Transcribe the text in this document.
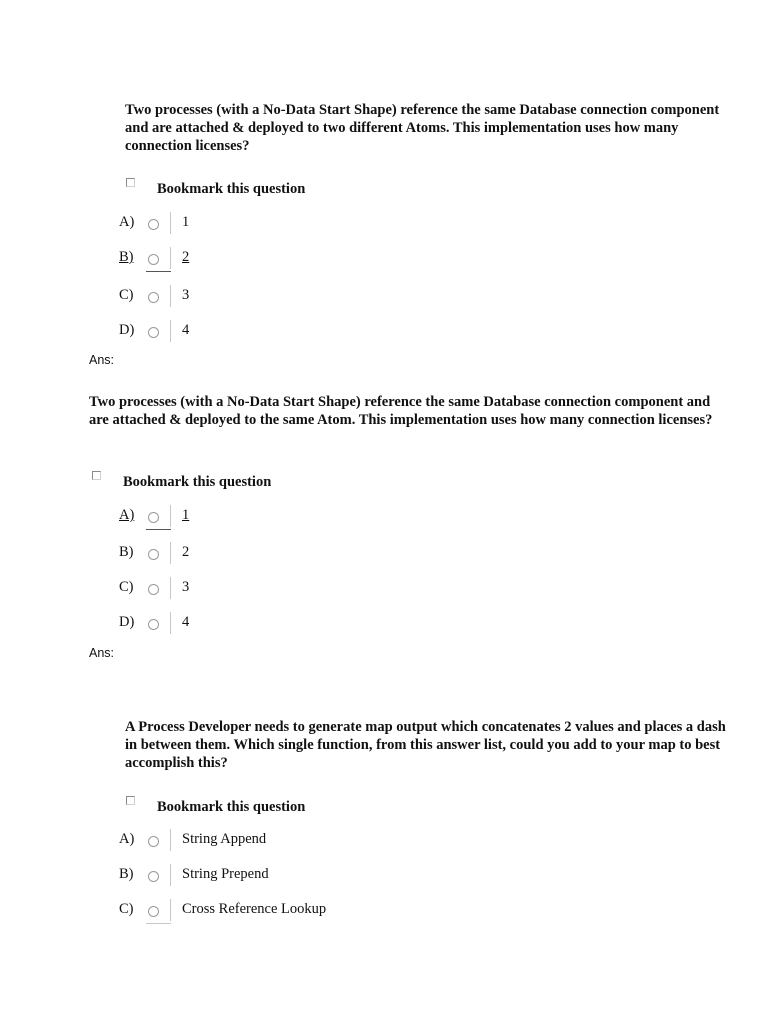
Two processes (with a No-Data Start Shape) reference the same Database connection component and are attached & deployed to two different Atoms. This implementation uses how many connection licenses?

Bookmark this question
A)	1
B)	2
C)	3
D)	4
Ans:

Two processes (with a No-Data Start Shape) reference the same Database connection component and are attached & deployed to the same Atom. This implementation uses how many connection licenses?

Bookmark this question
A)	1
B)	2
C)	3
D)	4
Ans:

A Process Developer needs to generate map output which concatenates 2 values and places a dash in between them. Which single function, from this answer list, could you add to your map to best accomplish this?

Bookmark this question
A)	String Append
B)	String Prepend
C)	Cross Reference Lookup
